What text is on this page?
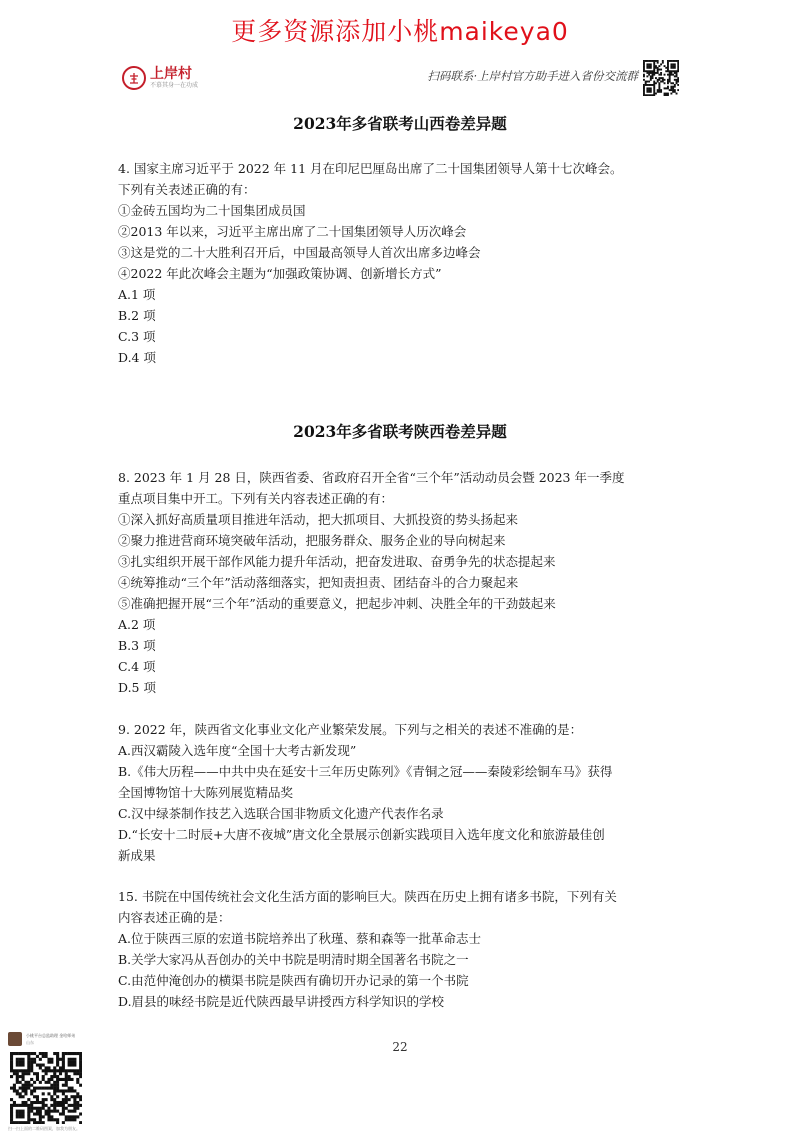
更多资源添加小桃maikeya0
上岸村
不慕其身一在功成
扫码联系·上岸村官方助手进入省份交流群
2023年多省联考山西卷差异题

4. 国家主席习近平于 2022 年 11 月在印尼巴厘岛出席了二十国集团领导人第十七次峰会。

下列有关表述正确的有：

①金砖五国均为二十国集团成员国

②2013 年以来，习近平主席出席了二十国集团领导人历次峰会

③这是党的二十大胜利召开后，中国最高领导人首次出席多边峰会

④2022 年此次峰会主题为“加强政策协调、创新增长方式”

A.1 项

B.2 项

C.3 项

D.4 项

2023年多省联考陕西卷差异题

8. 2023 年 1 月 28 日，陕西省委、省政府召开全省“三个年”活动动员会暨 2023 年一季度

重点项目集中开工。下列有关内容表述正确的有：

①深入抓好高质量项目推进年活动，把大抓项目、大抓投资的势头扬起来

②聚力推进营商环境突破年活动，把服务群众、服务企业的导向树起来

③扎实组织开展干部作风能力提升年活动，把奋发进取、奋勇争先的状态提起来

④统筹推动“三个年”活动落细落实，把知责担责、团结奋斗的合力聚起来

⑤准确把握开展“三个年”活动的重要意义，把起步冲刺、决胜全年的干劲鼓起来

A.2 项

B.3 项

C.4 项

D.5 项

9. 2022 年，陕西省文化事业文化产业繁荣发展。下列与之相关的表述不准确的是：

A.西汉霸陵入选年度“全国十大考古新发现”

B.《伟大历程——中共中央在延安十三年历史陈列》《青铜之冠——秦陵彩绘铜车马》获得

全国博物馆十大陈列展览精品奖

C.汉中绿茶制作技艺入选联合国非物质文化遗产代表作名录

D.“长安十二时辰+大唐不夜城”唐文化全景展示创新实践项目入选年度文化和旅游最佳创

新成果

15. 书院在中国传统社会文化生活方面的影响巨大。陕西在历史上拥有诸多书院，下列有关

内容表述正确的是：

A.位于陕西三原的宏道书院培养出了秋瑾、蔡和森等一批革命志士

B.关学大家冯从吾创办的关中书院是明清时期全国著名书院之一

C.由范仲淹创办的横渠书院是陕西有确切开办记录的第一个书院

D.眉县的味经书院是近代陕西最早讲授西方科学知识的学校

22
小桃平台总监助理 金哈师弟
山东
扫一扫上面的二维码图案，加我为朋友。
